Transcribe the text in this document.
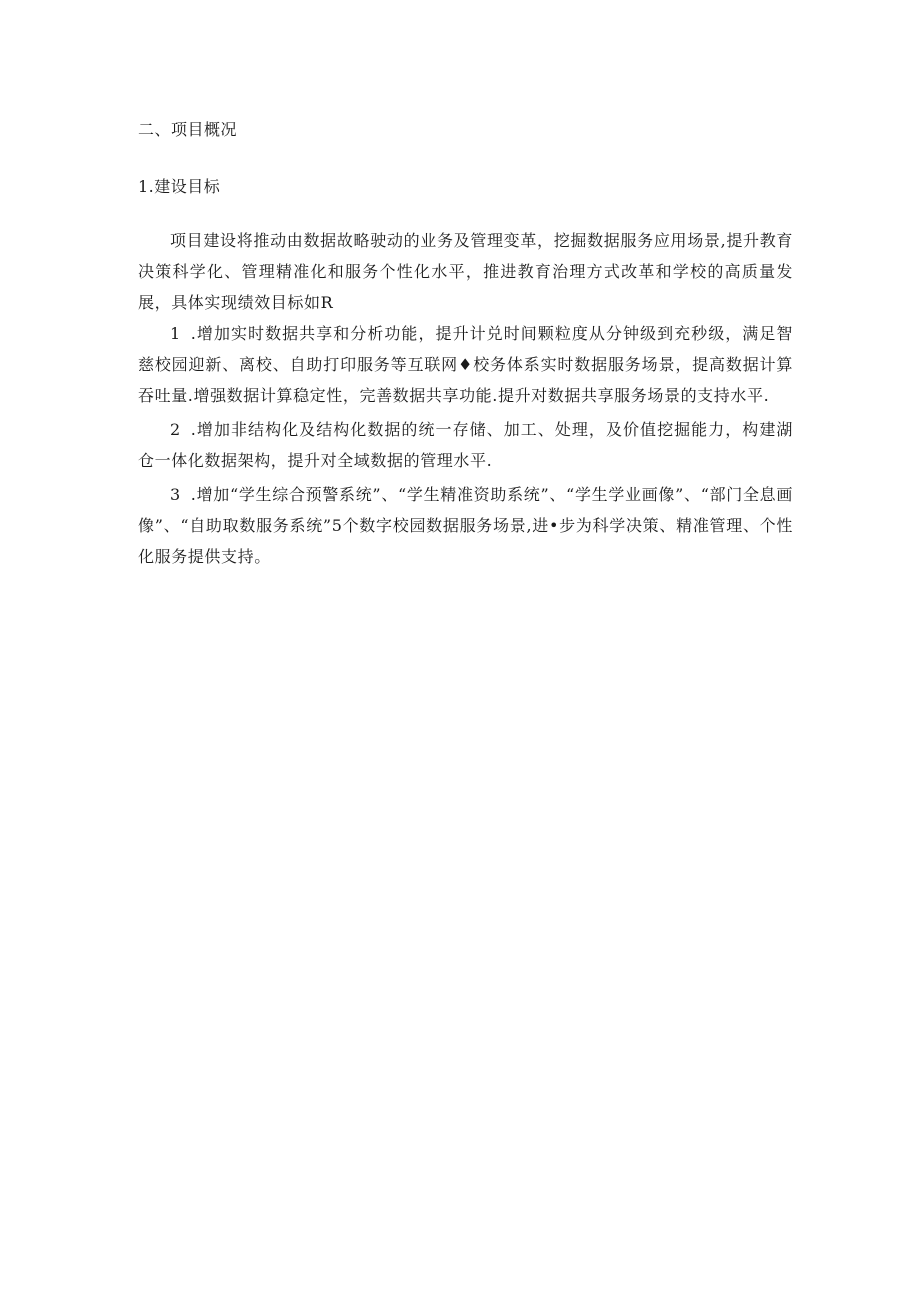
二、项目概况
1.建设目标

项目建设将推动由数据故略驶动的业务及管理变革，挖掘数据服务应用场景,提升教育决策科学化、管理精准化和服务个性化水平，推进教育治理方式改革和学校的高质量发展，具体实现绩效目标如R

1 .增加实时数据共享和分析功能，提升计兑时间颗粒度从分钟级到充秒级，满足智慈校园迎新、离校、自助打印服务等互联网♦校务体系实时数据服务场景，提高数据计算吞吐量.增强数据计算稳定性，完善数据共享功能.提升对数据共享服务场景的支持水平.
2 .增加非结构化及结构化数据的统一存储、加工、处理，及价值挖掘能力，构建湖仓一体化数据架构，提升对全域数据的管理水平.
3 .增加“学生综合预警系统”、“学生精准资助系统”、“学生学业画像”、“部门全息画像”、“自助取数服务系统”5个数字校园数据服务场景,进•步为科学决策、精准管理、个性化服务提供支持。
